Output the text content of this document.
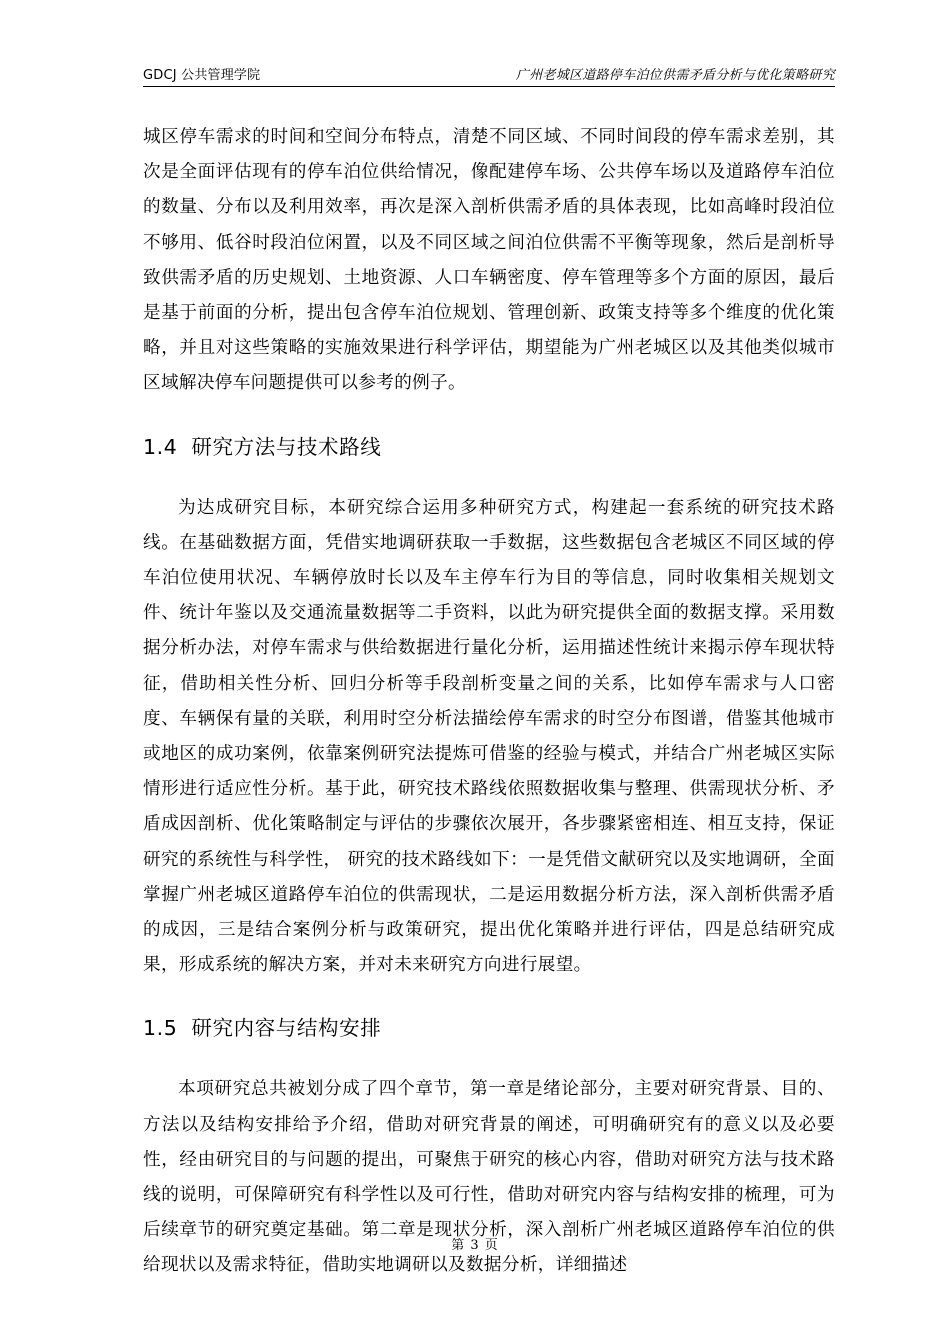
GDCJ 公共管理学院	广州老城区道路停车泊位供需矛盾分析与优化策略研究

城区停车需求的时间和空间分布特点，清楚不同区域、不同时间段的停车需求差别，其次是全面评估现有的停车泊位供给情况，像配建停车场、公共停车场以及道路停车泊位的数量、分布以及利用效率，再次是深入剖析供需矛盾的具体表现，比如高峰时段泊位不够用、低谷时段泊位闲置，以及不同区域之间泊位供需不平衡等现象，然后是剖析导致供需矛盾的历史规划、土地资源、人口车辆密度、停车管理等多个方面的原因，最后是基于前面的分析，提出包含停车泊位规划、管理创新、政策支持等多个维度的优化策略，并且对这些策略的实施效果进行科学评估，期望能为广州老城区以及其他类似城市区域解决停车问题提供可以参考的例子。

1.4 研究方法与技术路线

为达成研究目标，本研究综合运用多种研究方式，构建起一套系统的研究技术路线。在基础数据方面，凭借实地调研获取一手数据，这些数据包含老城区不同区域的停车泊位使用状况、车辆停放时长以及车主停车行为目的等信息，同时收集相关规划文件、统计年鉴以及交通流量数据等二手资料，以此为研究提供全面的数据支撑。采用数据分析办法，对停车需求与供给数据进行量化分析，运用描述性统计来揭示停车现状特征，借助相关性分析、回归分析等手段剖析变量之间的关系，比如停车需求与人口密度、车辆保有量的关联，利用时空分析法描绘停车需求的时空分布图谱，借鉴其他城市或地区的成功案例，依靠案例研究法提炼可借鉴的经验与模式，并结合广州老城区实际情形进行适应性分析。基于此，研究技术路线依照数据收集与整理、供需现状分析、矛盾成因剖析、优化策略制定与评估的步骤依次展开，各步骤紧密相连、相互支持，保证研究的系统性与科学性， 研究的技术路线如下：一是凭借文献研究以及实地调研，全面掌握广州老城区道路停车泊位的供需现状，二是运用数据分析方法，深入剖析供需矛盾的成因，三是结合案例分析与政策研究，提出优化策略并进行评估，四是总结研究成果，形成系统的解决方案，并对未来研究方向进行展望。

1.5 研究内容与结构安排

本项研究总共被划分成了四个章节，第一章是绪论部分，主要对研究背景、目的、方法以及结构安排给予介绍，借助对研究背景的阐述，可明确研究有的意义以及必要性，经由研究目的与问题的提出，可聚焦于研究的核心内容，借助对研究方法与技术路线的说明，可保障研究有科学性以及可行性，借助对研究内容与结构安排的梳理，可为后续章节的研究奠定基础。第二章是现状分析，深入剖析广州老城区道路停车泊位的供给现状以及需求特征，借助实地调研以及数据分析，详细描述

第 3 页
